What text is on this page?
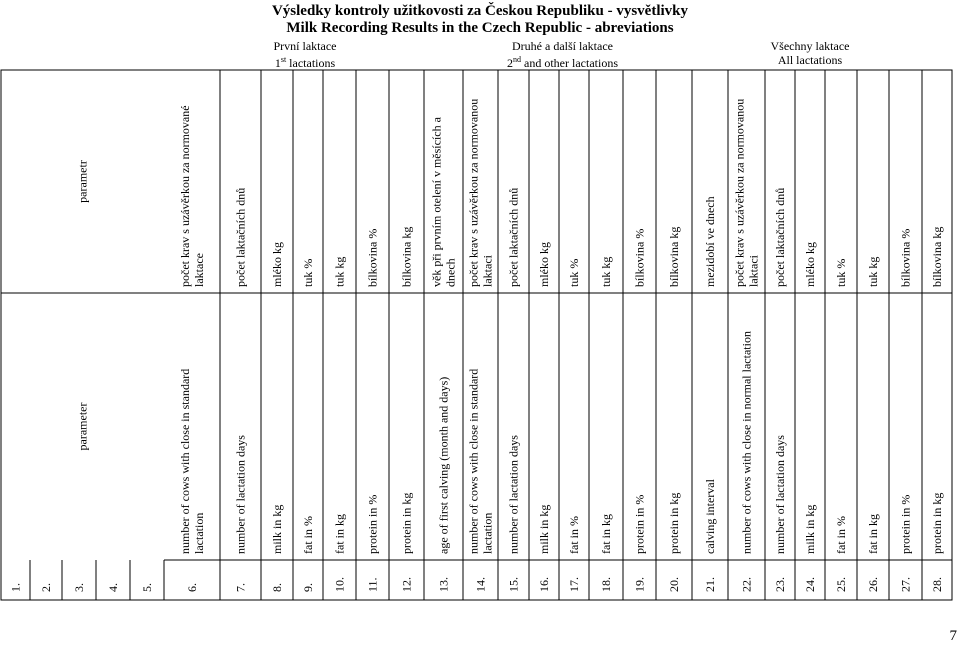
Výsledky kontroly užitkovosti za Českou Republiku - vysvětlivky
Milk Recording Results in the Czech Republic - abreviations
První laktace
1st lactations
Druhé a další laktace
2nd and other lactations
Všechny laktace
All lactations
parametr
parameter
1. 2. 3. 4. 5.	6.
počet krav s uzávěrkou za normované laktace
number of cows with close in standard lactation
7.
počet laktačních dnů
number of lactation days
8.
mléko kg
milk in kg
9.
tuk %
fat in %
10.
tuk kg
fat in kg
11.
bílkovina %
protein in %
12.
bílkovina kg
protein in kg
13.
věk při prvním otelení v měsících a dnech
age of first calving (month and days)
14.
počet krav s uzávěrkou za normovanou laktaci
number of cows with close in standard lactation
15.
počet laktačních dnů
number of lactation days
16.
mléko kg
milk in kg
17.
tuk %
fat in %
18.
tuk kg
fat in kg
19.
bílkovina %
protein in %
20.
bílkovina kg
protein in kg
21.
mezidobí ve dnech
calving interval
22.
počet krav s uzávěrkou za normovanou laktaci
number of cows with close in normal lactation
23.
počet laktačních dnů
number of lactation days
24.
mléko kg
milk in kg
25.
tuk %
fat in %
26.
tuk kg
fat in kg
27.
bílkovina %
protein in %
28.
bílkovina kg
protein in kg
7
